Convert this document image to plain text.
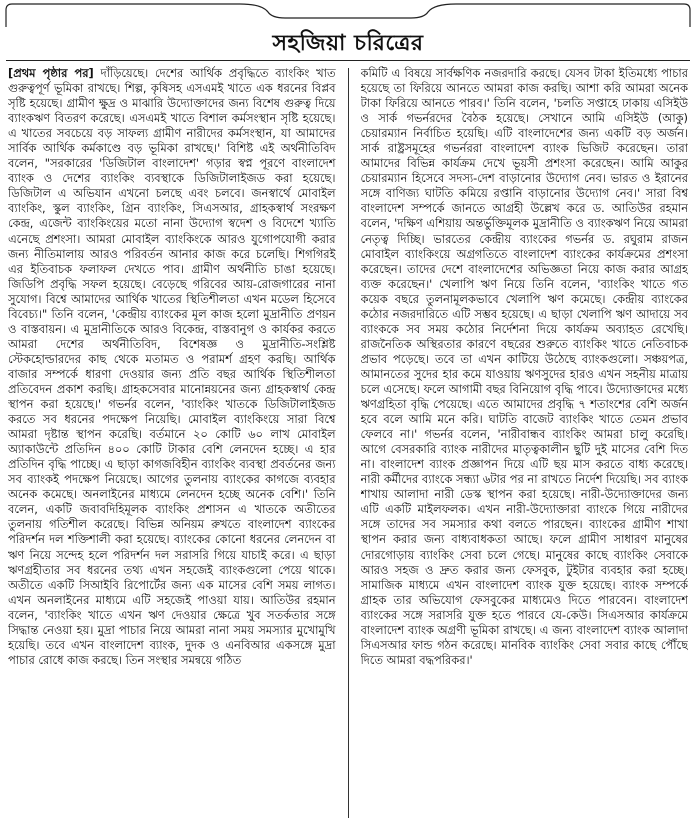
সহজিয়া চরিত্রের

[প্রথম পৃষ্ঠার পর] দাঁড়িয়েছে। দেশের আর্থিক প্রবৃদ্ধিতে ব্যাংকিং খাত গুরুত্বপূর্ণ ভূমিকা রাখছে। শিল্প, কৃষিসহ এসএমই খাতে এক ধরনের বিপ্লব সৃষ্টি হয়েছে। গ্রামীণ ক্ষুদ্র ও মাঝারি উদ্যোক্তাদের জন্য বিশেষ গুরুত্ব দিয়ে ব্যাংকঋণ বিতরণ করেছে। এসএমই খাতে বিশাল কর্মসংস্থান সৃষ্টি হয়েছে। এ খাতের সবচেয়ে বড় সাফল্য গ্রামীণ নারীদের কর্মসংস্থান, যা আমাদের সার্বিক আর্থিক কর্মকাণ্ডে বড় ভূমিকা রাখছে।' বিশিষ্ট এই অর্থনীতিবিদ বলেন, "সরকারের 'ডিজিটাল বাংলাদেশ' গড়ার স্বপ্ন পূরণে বাংলাদেশ ব্যাংক ও দেশের ব্যাংকিং ব্যবস্থাকে ডিজিটালাইজড করা হয়েছে। ডিজিটাল এ অভিযান এখনো চলছে এবং চলবে। জনস্বার্থে মোবাইল ব্যাংকিং, স্কুল ব্যাংকিং, গ্রিন ব্যাংকিং, সিএসআর, গ্রাহকস্বার্থ সংরক্ষণ কেন্দ্র, এজেন্ট ব্যাংকিংয়ের মতো নানা উদ্যোগ স্বদেশ ও বিদেশে খ্যাতি এনেছে প্রশংসা। আমরা মোবাইল ব্যাংকিংকে আরও যুগোপযোগী করার জন্য নীতিমালায় আরও পরিবর্তন আনার কাজ করে চলেছি। শিগগিরই এর ইতিবাচক ফলাফল দেখতে পাব। গ্রামীণ অর্থনীতি চাঙা হয়েছে। জিডিপি প্রবৃদ্ধি সফল হয়েছে। বেড়েছে গরিবের আয়-রোজগারের নানা সুযোগ। বিশ্বে আমাদের আর্থিক খাতের স্থিতিশীলতা এখন মডেল হিসেবে বিবেচ্য।" তিনি বলেন, 'কেন্দ্রীয় ব্যাংকের মূল কাজ হলো মুদ্রানীতি প্রণয়ন ও বাস্তবায়ন। এ মুদ্রানীতিকে আরও বিকেন্দ্র, বাস্তবানুগ ও কার্যকর করতে আমরা দেশের অর্থনীতিবিদ, বিশেষজ্ঞ ও মুদ্রানীতি-সংশ্লিষ্ট স্টেকহোল্ডারদের কাছ থেকে মতামত ও পরামর্শ গ্রহণ করছি। আর্থিক বাজার সম্পর্কে ধারণা দেওয়ার জন্য প্রতি বছর আর্থিক স্থিতিশীলতা প্রতিবেদন প্রকাশ করছি। গ্রাহকসেবার মানোন্নয়নের জন্য গ্রাহকস্বার্থ কেন্দ্র স্থাপন করা হয়েছে।' গভর্নর বলেন, 'ব্যাংকিং খাতকে ডিজিটালাইজড করতে সব ধরনের পদক্ষেপ নিয়েছি। মোবাইল ব্যাংকিংয়ে সারা বিশ্বে আমরা দৃষ্টান্ত স্থাপন করেছি। বর্তমানে ২০ কোটি ৬০ লাখ মোবাইল অ্যাকাউন্টে প্রতিদিন ৪০০ কোটি টাকার বেশি লেনদেন হচ্ছে। এ হার প্রতিদিন বৃদ্ধি পাচ্ছে। এ ছাড়া কাগজবিহীন ব্যাংকিং ব্যবস্থা প্রবর্তনের জন্য সব ব্যাংকই পদক্ষেপ নিয়েছে। আগের তুলনায় ব্যাংকের কাগজে ব্যবহার অনেক কমেছে। অনলাইনের মাধ্যমে লেনদেন হচ্ছে অনেক বেশি।' তিনি বলেন, একটি জবাবদিহিমূলক ব্যাংকিং প্রশাসন এ খাতকে অতীতের তুলনায় গতিশীল করেছে। বিভিন্ন অনিয়ম রুখতে বাংলাদেশ ব্যাংকের পরিদর্শন দল শক্তিশালী করা হয়েছে। ব্যাংকের কোনো ধরনের লেনদেন বা ঋণ নিয়ে সন্দেহ হলে পরিদর্শন দল সরাসরি গিয়ে যাচাই করে। এ ছাড়া ঋণগ্রহীতার সব ধরনের তথ্য এখন সহজেই ব্যাংকগুলো পেয়ে থাকে। অতীতে একটি সিআইবি রিপোর্টের জন্য এক মাসের বেশি সময় লাগত। এখন অনলাইনের মাধ্যমে এটি সহজেই পাওয়া যায়। আতিউর রহমান বলেন, 'ব্যাংকিং খাতে এখন ঋণ দেওয়ার ক্ষেত্রে খুব সতর্কতার সঙ্গে সিদ্ধান্ত নেওয়া হয়। মুদ্রা পাচার নিয়ে আমরা নানা সময় সমস্যার মুখোমুখি হয়েছি। তবে এখন বাংলাদেশ ব্যাংক, দুদক ও এনবিআর একসঙ্গে মুদ্রা পাচার রোধে কাজ করছে। তিন সংস্থার সমন্বয়ে গঠিত

কমিটি এ বিষয়ে সার্বক্ষণিক নজরদারি করছে। যেসব টাকা ইতিমধ্যে পাচার হয়েছে তা ফিরিয়ে আনতে আমরা কাজ করছি। আশা করি আমরা অনেক টাকা ফিরিয়ে আনতে পারব।' তিনি বলেন, 'চলতি সপ্তাহে ঢাকায় এসিইউ ও সার্ক গভর্নরদের বৈঠক হয়েছে। সেখানে আমি এসিইউ (আকু) চেয়ারম্যান নির্বাচিত হয়েছি। এটি বাংলাদেশের জন্য একটি বড় অর্জন। সার্ক রাষ্ট্রসমূহের গভর্নররা বাংলাদেশ ব্যাংক ভিজিট করেছেন। তারা আমাদের বিভিন্ন কার্যক্রম দেখে ভূয়সী প্রশংসা করেছেন। আমি আকুর চেয়ারম্যান হিসেবে সদস্য-দেশ বাড়ানোর উদ্যোগ নেব। ভারত ও ইরানের সঙ্গে বাণিজ্য ঘাটতি কমিয়ে রপ্তানি বাড়ানোর উদ্যোগ নেব।' সারা বিশ্ব বাংলাদেশ সম্পর্কে জানতে আগ্রহী উল্লেখ করে ড. আতিউর রহমান বলেন, 'দক্ষিণ এশিয়ায় অন্তর্ভুক্তিমূলক মুদ্রানীতি ও ব্যাংকঋণ নিয়ে আমরা নেতৃত্ব দিচ্ছি। ভারতের কেন্দ্রীয় ব্যাংকের গভর্নর ড. রঘুরাম রাজন মোবাইল ব্যাংকিংয়ে অগ্রগতিতে বাংলাদেশ ব্যাংকের কার্যক্রমের প্রশংসা করেছেন। তাদের দেশে বাংলাদেশের অভিজ্ঞতা নিয়ে কাজ করার আগ্রহ ব্যক্ত করেছেন।' খেলাপি ঋণ নিয়ে তিনি বলেন, 'ব্যাংকিং খাতে গত কয়েক বছরে তুলনামূলকভাবে খেলাপি ঋণ কমেছে। কেন্দ্রীয় ব্যাংকের কঠোর নজরদারিতে এটি সম্ভব হয়েছে। এ ছাড়া খেলাপি ঋণ আদায়ে সব ব্যাংককে সব সময় কঠোর নির্দেশনা দিয়ে কার্যক্রম অব্যাহত রেখেছি। রাজনৈতিক অস্থিরতার কারণে বছরের শুরুতে ব্যাংকিং খাতে নেতিবাচক প্রভাব পড়েছে। তবে তা এখন কাটিয়ে উঠেছে ব্যাংকগুলো। সঞ্চয়পত্র, আমানতের সুদের হার কমে যাওয়ায় ঋণসুদের হারও এখন সহনীয় মাত্রায় চলে এসেছে। ফলে আগামী বছর বিনিয়োগ বৃদ্ধি পাবে। উদ্যোক্তাদের মধ্যে ঋণগ্রহিতা বৃদ্ধি পেয়েছে। এতে আমাদের প্রবৃদ্ধি ৭ শতাংশের বেশি অর্জন হবে বলে আমি মনে করি। ঘাটতি বাজেট ব্যাংকিং খাতে তেমন প্রভাব ফেলবে না।' গভর্নর বলেন, 'নারীবান্ধব ব্যাংকিং আমরা চালু করেছি। আগে বেসরকারি ব্যাংক নারীদের মাতৃত্বকালীন ছুটি দুই মাসের বেশি দিত না। বাংলাদেশ ব্যাংক প্রজ্ঞাপন দিয়ে এটি ছয় মাস করতে বাধ্য করেছে। নারী কর্মীদের ব্যাংকে সন্ধ্যা ৬টার পর না রাখতে নির্দেশ দিয়েছি। সব ব্যাংক শাখায় আলাদা নারী ডেস্ক স্থাপন করা হয়েছে। নারী-উদ্যোক্তাদের জন্য এটি একটি মাইলফলক। এখন নারী-উদ্যোক্তারা ব্যাংকে গিয়ে নারীদের সঙ্গে তাদের সব সমস্যার কথা বলতে পারছেন। ব্যাংকের গ্রামীণ শাখা স্থাপন করার জন্য বাধ্যবাধকতা আছে। ফলে গ্রামীণ সাধারণ মানুষের দোরগোড়ায় ব্যাংকিং সেবা চলে গেছে। মানুষের কাছে ব্যাংকিং সেবাকে আরও সহজ ও দ্রুত করার জন্য ফেসবুক, টুইটার ব্যবহার করা হচ্ছে। সামাজিক মাধ্যমে এখন বাংলাদেশ ব্যাংক যুক্ত হয়েছে। ব্যাংক সম্পর্কে গ্রাহক তার অভিযোগ ফেসবুকের মাধ্যমেও দিতে পারবেন। বাংলাদেশ ব্যাংকের সঙ্গে সরাসরি যুক্ত হতে পারবে যে-কেউ। সিএসআর কার্যক্রমে বাংলাদেশ ব্যাংক অগ্রণী ভূমিকা রাখছে। এ জন্য বাংলাদেশ ব্যাংক আলাদা সিএসআর ফান্ড গঠন করেছে। মানবিক ব্যাংকিং সেবা সবার কাছে পৌঁছে দিতে আমরা বদ্ধপরিকর।'
